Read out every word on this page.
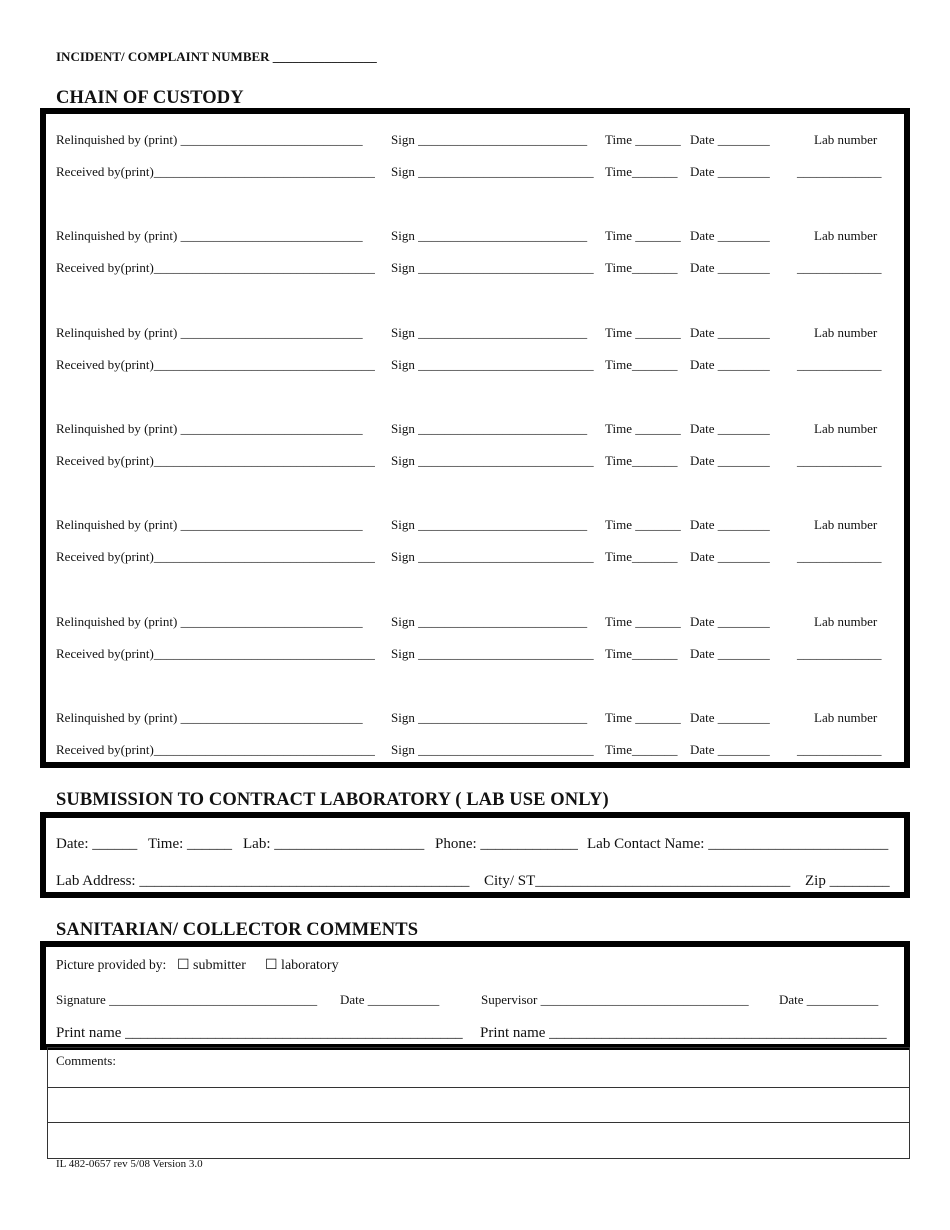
INCIDENT/ COMPLAINT NUMBER ________________
CHAIN OF CUSTODY
Relinquished by (print) ____________________________ Sign __________________________ Time _______ Date ________	Lab number
Received by(print)__________________________________ Sign ___________________________ Time_______ Date ________ _____________
Relinquished by (print) ____________________________ Sign __________________________ Time _______ Date ________	Lab number
Received by(print)__________________________________ Sign ___________________________ Time_______ Date ________ _____________
Relinquished by (print) ____________________________ Sign __________________________ Time _______ Date ________	Lab number
Received by(print)__________________________________ Sign ___________________________ Time_______ Date ________ _____________
Relinquished by (print) ____________________________ Sign __________________________ Time _______ Date ________	Lab number
Received by(print)__________________________________ Sign ___________________________ Time_______ Date ________ _____________
Relinquished by (print) ____________________________ Sign __________________________ Time _______ Date ________	Lab number
Received by(print)__________________________________ Sign ___________________________ Time_______ Date ________ _____________
Relinquished by (print) ____________________________ Sign __________________________ Time _______ Date ________	Lab number
Received by(print)__________________________________ Sign ___________________________ Time_______ Date ________ _____________
Relinquished by (print) ____________________________ Sign __________________________ Time _______ Date ________	Lab number
Received by(print)__________________________________ Sign ___________________________ Time_______ Date ________ _____________
SUBMISSION TO CONTRACT LABORATORY ( LAB USE ONLY)
Date: ______ Time: ______ Lab: ____________________ Phone: _____________ Lab Contact Name: ________________________
Lab Address: ____________________________________________ City/ ST__________________________________ Zip ________
SANITARIAN/ COLLECTOR COMMENTS
Picture provided by: ☐ submitter ☐ laboratory
Signature ________________________________ Date ___________	Supervisor ________________________________ Date ___________
Print name _____________________________________________ Print name _____________________________________________
Comments:
IL 482-0657 rev 5/08 Version 3.0
